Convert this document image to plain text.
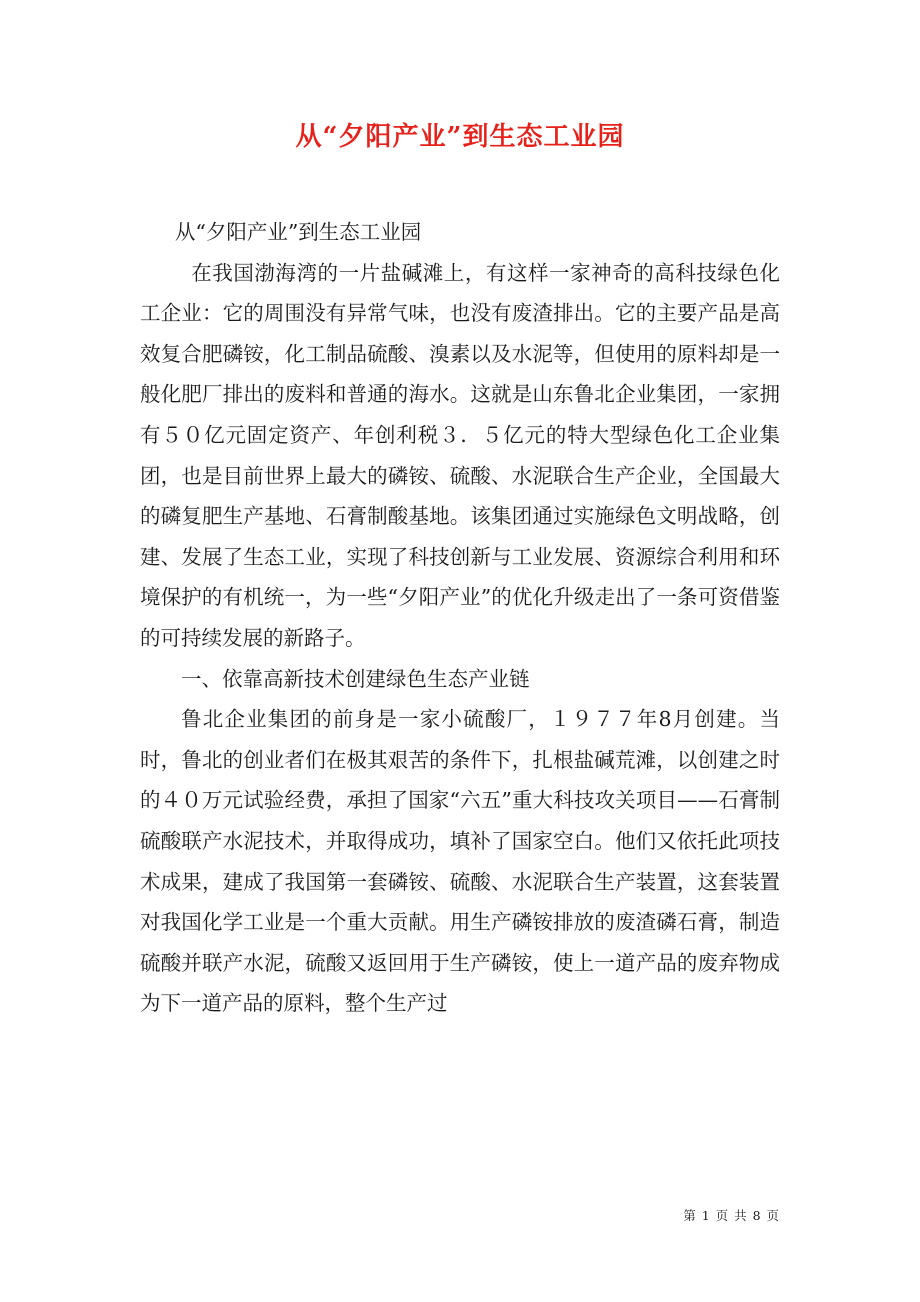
从“夕阳产业”到生态工业园

从“夕阳产业”到生态工业园

在我国渤海湾的一片盐碱滩上，有这样一家神奇的高科技绿色化工企业：它的周围没有异常气味，也没有废渣排出。它的主要产品是高效复合肥磷铵，化工制品硫酸、溴素以及水泥等，但使用的原料却是一般化肥厂排出的废料和普通的海水。这就是山东鲁北企业集团，一家拥有５０亿元固定资产、年创利税３．５亿元的特大型绿色化工企业集团，也是目前世界上最大的磷铵、硫酸、水泥联合生产企业，全国最大的磷复肥生产基地、石膏制酸基地。该集团通过实施绿色文明战略，创建、发展了生态工业，实现了科技创新与工业发展、资源综合利用和环境保护的有机统一，为一些“夕阳产业”的优化升级走出了一条可资借鉴的可持续发展的新路子。

一、依靠高新技术创建绿色生态产业链

鲁北企业集团的前身是一家小硫酸厂，１９７７年8月创建。当时，鲁北的创业者们在极其艰苦的条件下，扎根盐碱荒滩，以创建之时的４０万元试验经费，承担了国家“六五”重大科技攻关项目——石膏制硫酸联产水泥技术，并取得成功，填补了国家空白。他们又依托此项技术成果，建成了我国第一套磷铵、硫酸、水泥联合生产装置，这套装置对我国化学工业是一个重大贡献。用生产磷铵排放的废渣磷石膏，制造硫酸并联产水泥，硫酸又返回用于生产磷铵，使上一道产品的废弃物成为下一道产品的原料，整个生产过

第 1 页 共 8 页
